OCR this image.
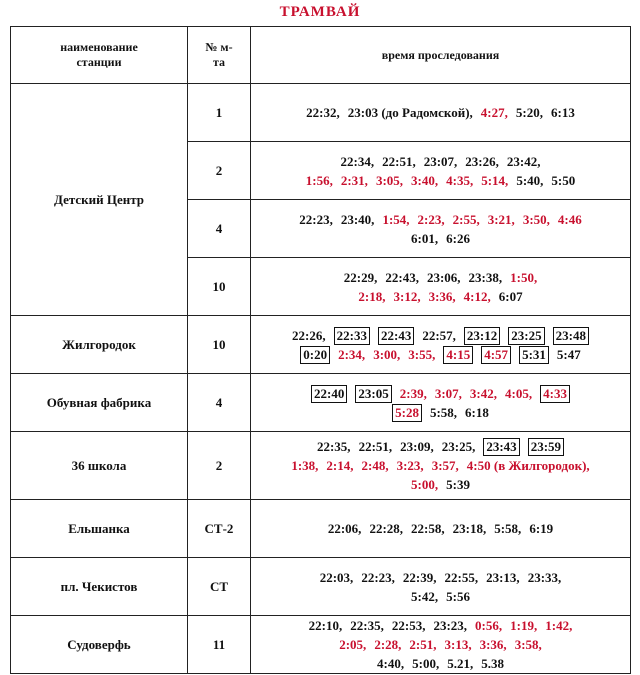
ТРАМВАЙ
наименование станции	№ м-та	время проследования
Детский Центр	1	22:32, 23:03 (до Радомской), 4:27, 5:20, 6:13

	2	22:34, 22:51, 23:07, 23:26, 23:42,
1:56, 2:31, 3:05, 3:40, 4:35, 5:14, 5:40, 5:50

	4	22:23, 23:40, 1:54, 2:23, 2:55, 3:21, 3:50, 4:46
6:01, 6:26

	10	22:29, 22:43, 23:06, 23:38, 1:50,
2:18, 3:12, 3:36, 4:12, 6:07

Жилгородок	10	22:26, 22:33 22:43 22:57, 23:12 23:25 23:48
0:20 2:34, 3:00, 3:55, 4:15 4:57 5:31 5:47

Обувная фабрика	4	22:40 23:05 2:39, 3:07, 3:42, 4:05, 4:33
5:28 5:58, 6:18

36 школа	2	22:35, 22:51, 23:09, 23:25, 23:43 23:59
1:38, 2:14, 2:48, 3:23, 3:57, 4:50 (в Жилгородок),
5:00, 5:39

Ельшанка	СТ-2	22:06, 22:28, 22:58, 23:18, 5:58, 6:19

пл. Чекистов	СТ	22:03, 22:23, 22:39, 22:55, 23:13, 23:33,
5:42, 5:56

Судоверфь	11	22:10, 22:35, 22:53, 23:23, 0:56, 1:19, 1:42,
2:05, 2:28, 2:51, 3:13, 3:36, 3:58,
4:40, 5:00, 5.21, 5.38
